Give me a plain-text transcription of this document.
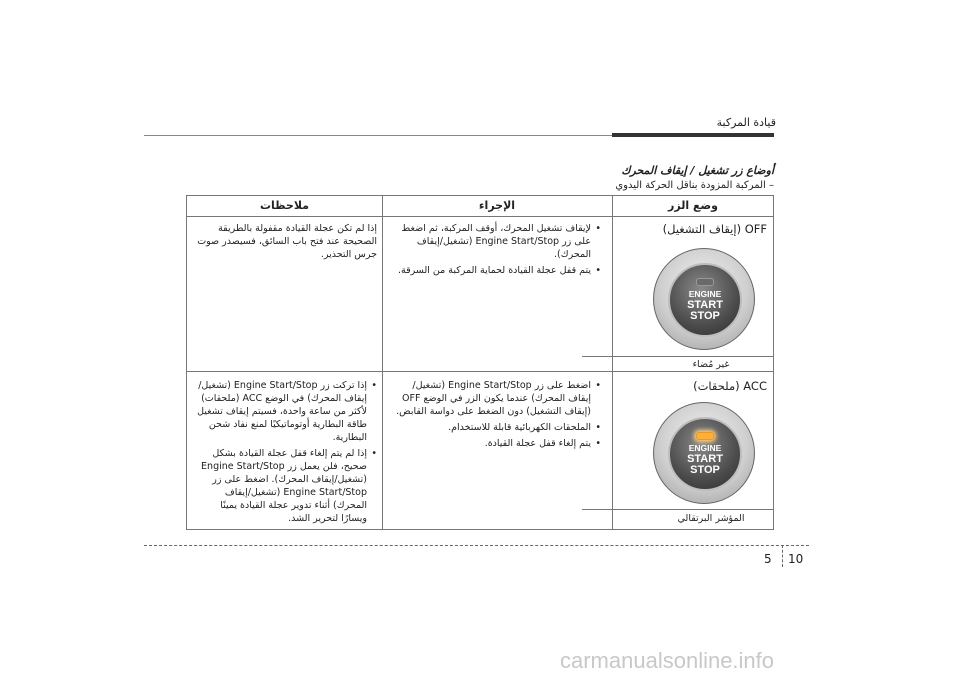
قيادة المركبة
أوضاع زر تشغيل / إيقاف المحرك
– المركبة المزودة بناقل الحركة اليدوي
وضع الزر
الإجراء
ملاحظات
OFF (إيقاف التشغيل)
ENGINE
START
STOP
غير مُضاء
• لإيقاف تشغيل المحرك، أوقف المركبة، ثم اضغط على زر Engine Start/Stop (تشغيل/إيقاف المحرك).
• يتم قفل عجلة القيادة لحماية المركبة من السرقة.

إذا لم تكن عجلة القيادة مقفولة بالطريقة الصحيحة عند فتح باب السائق، فسيصدر صوت جرس التحذير.

ACC (ملحقات)
ENGINE
START
STOP
المؤشر البرتقالي
• اضغط على زر Engine Start/Stop (تشغيل/ إيقاف المحرك) عندما يكون الزر في الوضع OFF (إيقاف التشغيل) دون الضغط على دواسة القابض.
• الملحقات الكهربائية قابلة للاستخدام.
• يتم إلغاء قفل عجلة القيادة.
• إذا تركت زر Engine Start/Stop (تشغيل/إيقاف المحرك) في الوضع ACC (ملحقات) لأكثر من ساعة واحدة، فسيتم إيقاف تشغيل طاقة البطارية أوتوماتيكيًا لمنع نفاد شحن البطارية.
• إذا لم يتم إلغاء قفل عجلة القيادة بشكل صحيح، فلن يعمل زر Engine Start/Stop (تشغيل/إيقاف المحرك). اضغط على زر Engine Start/Stop (تشغيل/إيقاف المحرك) أثناء تدوير عجلة القيادة يمينًا ويسارًا لتحرير الشد.
5 10
carmanualsonline.info
